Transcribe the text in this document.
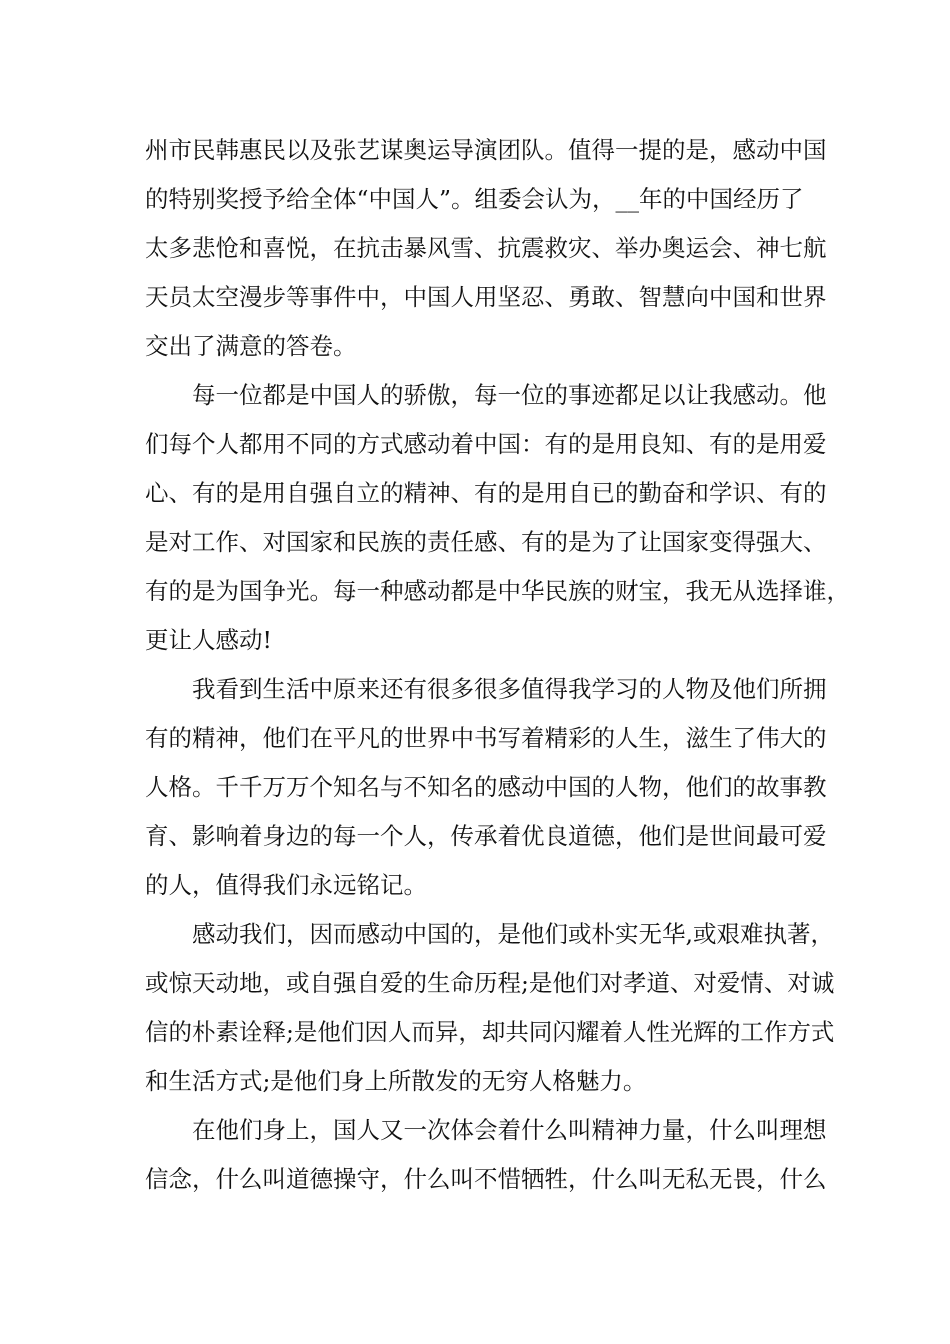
州市民韩惠民以及张艺谋奥运导演团队。值得一提的是，感动中国
的特别奖授予给全体“中国人”。组委会认为，__年的中国经历了
太多悲怆和喜悦，在抗击暴风雪、抗震救灾、举办奥运会、神七航
天员太空漫步等事件中，中国人用坚忍、勇敢、智慧向中国和世界
交出了满意的答卷。
每一位都是中国人的骄傲，每一位的事迹都足以让我感动。他
们每个人都用不同的方式感动着中国：有的是用良知、有的是用爱
心、有的是用自强自立的精神、有的是用自已的勤奋和学识、有的
是对工作、对国家和民族的责任感、有的是为了让国家变得强大、
有的是为国争光。每一种感动都是中华民族的财宝，我无从选择谁，
更让人感动!
我看到生活中原来还有很多很多值得我学习的人物及他们所拥
有的精神，他们在平凡的世界中书写着精彩的人生，滋生了伟大的
人格。千千万万个知名与不知名的感动中国的人物，他们的故事教
育、影响着身边的每一个人，传承着优良道德，他们是世间最可爱
的人，值得我们永远铭记。
感动我们，因而感动中国的，是他们或朴实无华,或艰难执著，
或惊天动地，或自强自爱的生命历程;是他们对孝道、对爱情、对诚
信的朴素诠释;是他们因人而异，却共同闪耀着人性光辉的工作方式
和生活方式;是他们身上所散发的无穷人格魅力。
在他们身上，国人又一次体会着什么叫精神力量，什么叫理想
信念，什么叫道德操守，什么叫不惜牺牲，什么叫无私无畏，什么
